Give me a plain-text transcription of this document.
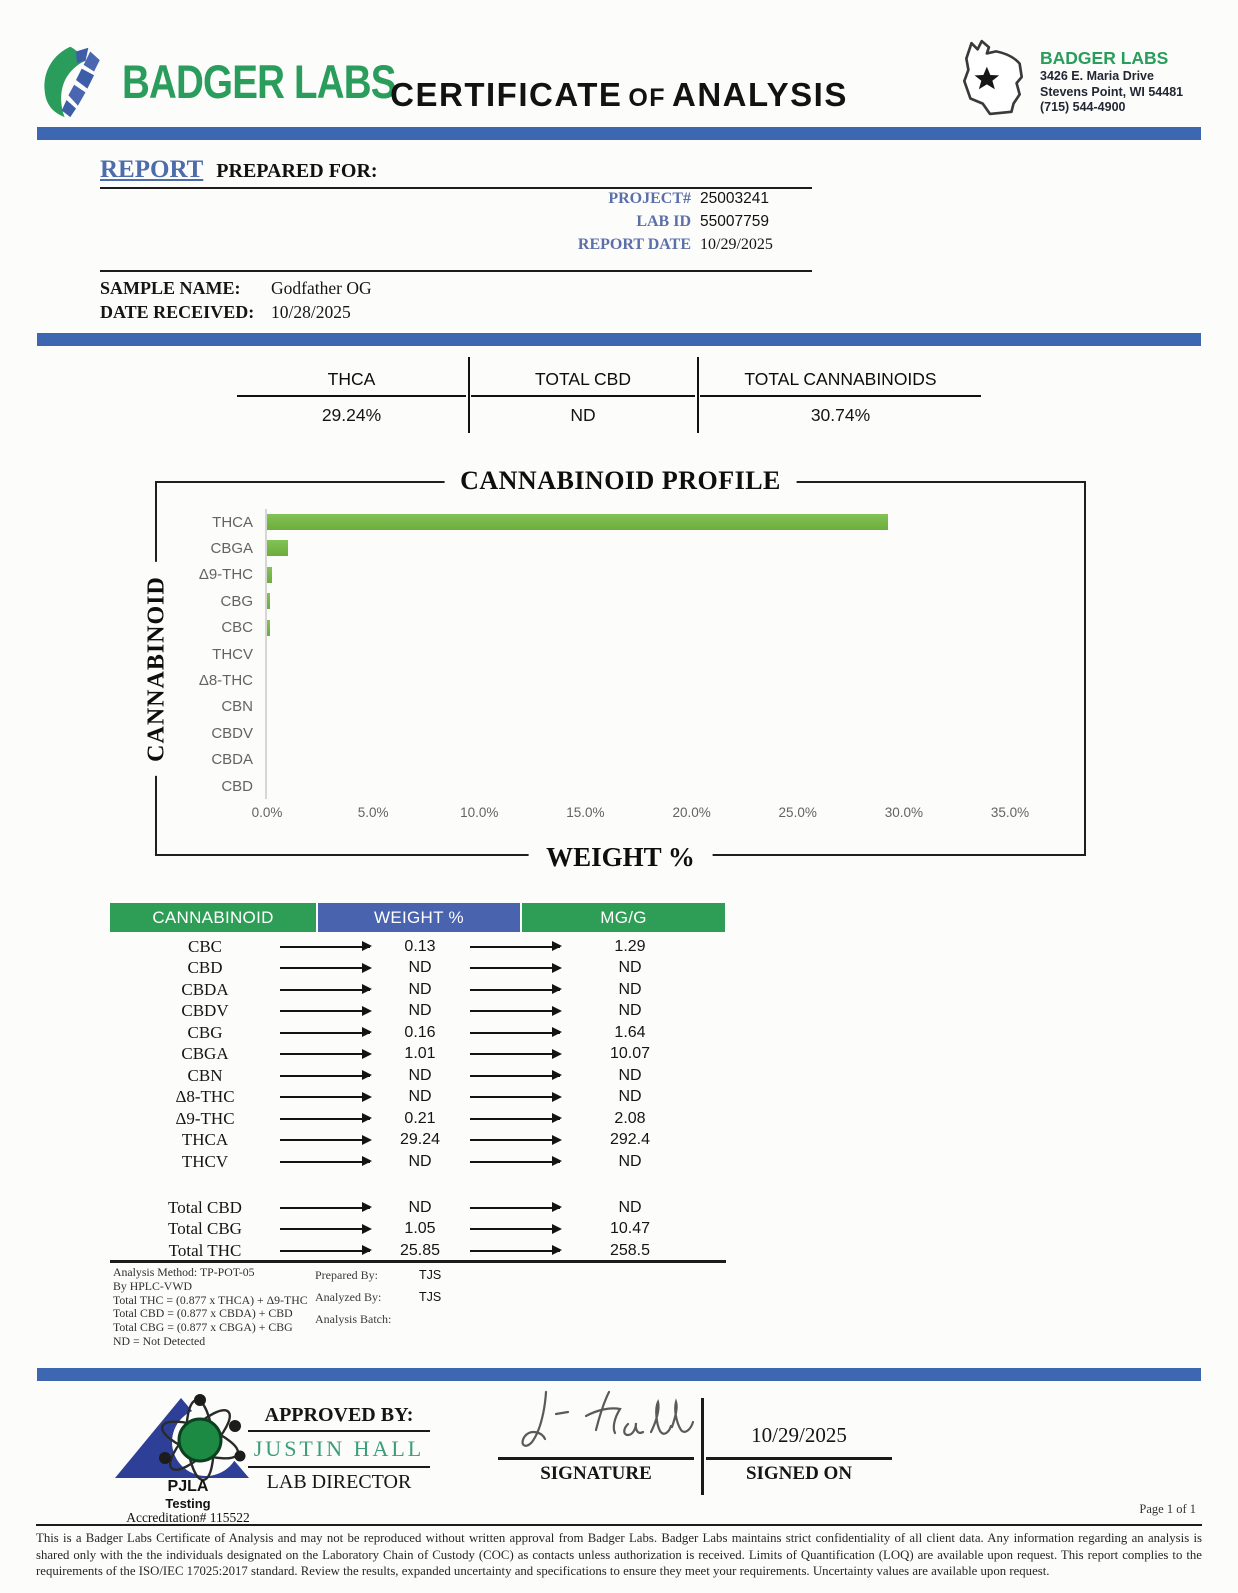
BADGER LABS
CERTIFICATE OF ANALYSIS
BADGER LABS
3426 E. Maria Drive
Stevens Point, WI 54481
(715) 544-4900
REPORT PREPARED FOR:
PROJECT# 25003241
LAB ID 55007759
REPORT DATE 10/29/2025
SAMPLE NAME:	Godfather OG
DATE RECEIVED: 10/28/2025
THCA
29.24%
TOTAL CBD
ND
TOTAL CANNABINOIDS
30.74%
CANNABINOID PROFILE
CANNABINOID
WEIGHT %
THCA
CBGA
Δ9-THC
CBG
CBC
THCV
Δ8-THC
CBN
CBDV
CBDA
CBD
0.0%	5.0%	10.0%	15.0%	20.0%	25.0%	30.0%	35.0%
CANNABINOID	WEIGHT %	MG/G
CBC	0.13	1.29
CBD	ND	ND
CBDA	ND	ND
CBDV	ND	ND
CBG	0.16	1.64
CBGA	1.01	10.07
CBN	ND	ND
Δ8-THC	ND	ND
Δ9-THC	0.21	2.08
THCA	29.24	292.4
THCV	ND	ND
Total CBD	ND	ND
Total CBG	1.05	10.47
Total THC	25.85	258.5
Analysis Method: TP-POT-05
By HPLC-VWD
Total THC = (0.877 x THCA) + Δ9-THC
Total CBD = (0.877 x CBDA) + CBD
Total CBG = (0.877 x CBGA) + CBG
ND = Not Detected
Prepared By:	TJS
Analyzed By:	TJS
Analysis Batch:
PJLA
Testing
Accreditation# 115522
APPROVED BY:
JUSTIN HALL
LAB DIRECTOR	SIGNATURE
10/29/2025
SIGNED ON
Page 1 of 1
This is a Badger Labs Certificate of Analysis and may not be reproduced without written approval from Badger Labs. Badger Labs maintains strict confidentiality of all client data. Any information regarding an analysis is shared only with the the individuals designated on the Laboratory Chain of Custody (COC) as contacts unless authorization is received. Limits of Quantification (LOQ) are available upon request. This report complies to the requirements of the ISO/IEC 17025:2017 standard. Review the results, expanded uncertainty and specifications to ensure they meet your requirements. Uncertainty values are available upon request.
